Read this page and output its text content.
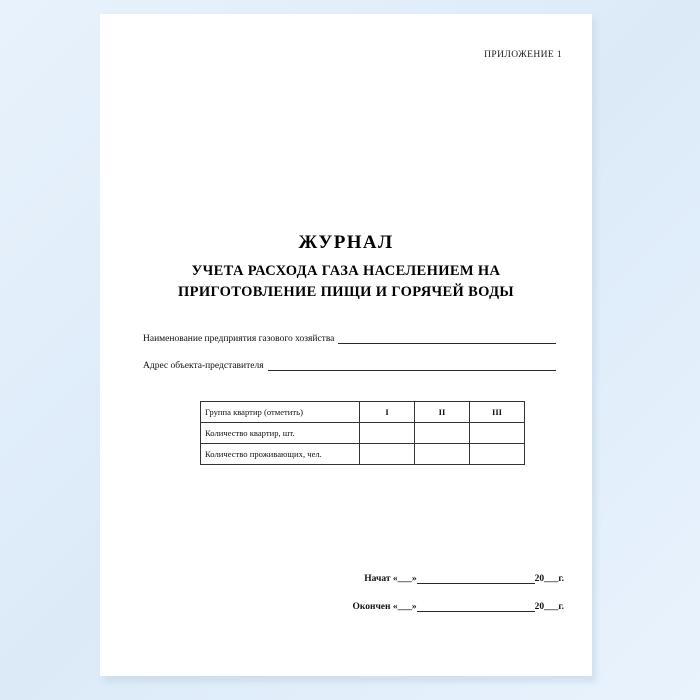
ПРИЛОЖЕНИЕ 1
ЖУРНАЛ
УЧЕТА РАСХОДА ГАЗА НАСЕЛЕНИЕМ НА
ПРИГОТОВЛЕНИЕ ПИЩИ И ГОРЯЧЕЙ ВОДЫ
Наименование предприятия газового хозяйства
Адрес объекта-представителя
Группа квартир (отметить)	I	II	III
Количество квартир, шт.			
Количество проживающих, чел.			
Начат «___»	20___г.
Окончен «___»	20___г.
